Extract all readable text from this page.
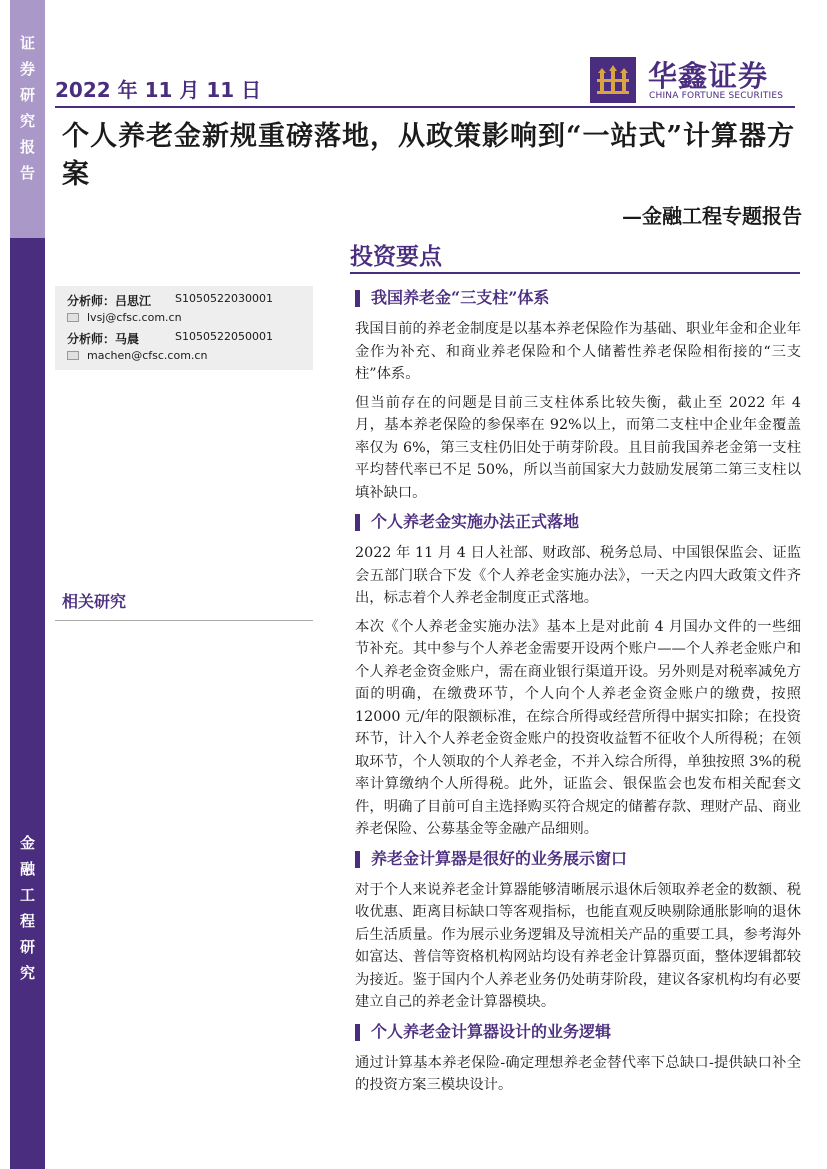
证
券
研
究
报
告
金
融
工
程
研
究
2022 年 11 月 11 日	华鑫证券
CHINA FORTUNE SECURITIES
个人养老金新规重磅落地，从政策影响到“一站式”计算器方案
—金融工程专题报告
投资要点
分析师：吕思江 S1050522030001
lvsj@cfsc.com.cn
分析师：马晨	S1050522050001
machen@cfsc.com.cn
相关研究
我国养老金“三支柱”体系

我国目前的养老金制度是以基本养老保险作为基础、职业年金和企业年金作为补充、和商业养老保险和个人储蓄性养老保险相衔接的“三支柱”体系。

但当前存在的问题是目前三支柱体系比较失衡，截止至 2022 年 4 月，基本养老保险的参保率在 92%以上，而第二支柱中企业年金覆盖率仅为 6%，第三支柱仍旧处于萌芽阶段。且目前我国养老金第一支柱平均替代率已不足 50%，所以当前国家大力鼓励发展第二第三支柱以填补缺口。

个人养老金实施办法正式落地

2022 年 11 月 4 日人社部、财政部、税务总局、中国银保监会、证监会五部门联合下发《个人养老金实施办法》，一天之内四大政策文件齐出，标志着个人养老金制度正式落地。

本次《个人养老金实施办法》基本上是对此前 4 月国办文件的一些细节补充。其中参与个人养老金需要开设两个账户——个人养老金账户和个人养老金资金账户，需在商业银行渠道开设。另外则是对税率减免方面的明确，在缴费环节，个人向个人养老金资金账户的缴费，按照 12000 元/年的限额标准，在综合所得或经营所得中据实扣除；在投资环节，计入个人养老金资金账户的投资收益暂不征收个人所得税；在领取环节，个人领取的个人养老金，不并入综合所得，单独按照 3%的税率计算缴纳个人所得税。此外，证监会、银保监会也发布相关配套文件，明确了目前可自主选择购买符合规定的储蓄存款、理财产品、商业养老保险、公募基金等金融产品细则。

养老金计算器是很好的业务展示窗口

对于个人来说养老金计算器能够清晰展示退休后领取养老金的数额、税收优惠、距离目标缺口等客观指标，也能直观反映剔除通胀影响的退休后生活质量。作为展示业务逻辑及导流相关产品的重要工具，参考海外如富达、普信等资格机构网站均设有养老金计算器页面，整体逻辑都较为接近。鉴于国内个人养老业务仍处萌芽阶段，建议各家机构均有必要建立自己的养老金计算器模块。

个人养老金计算器设计的业务逻辑

通过计算基本养老保险-确定理想养老金替代率下总缺口-提供缺口补全的投资方案三模块设计。
